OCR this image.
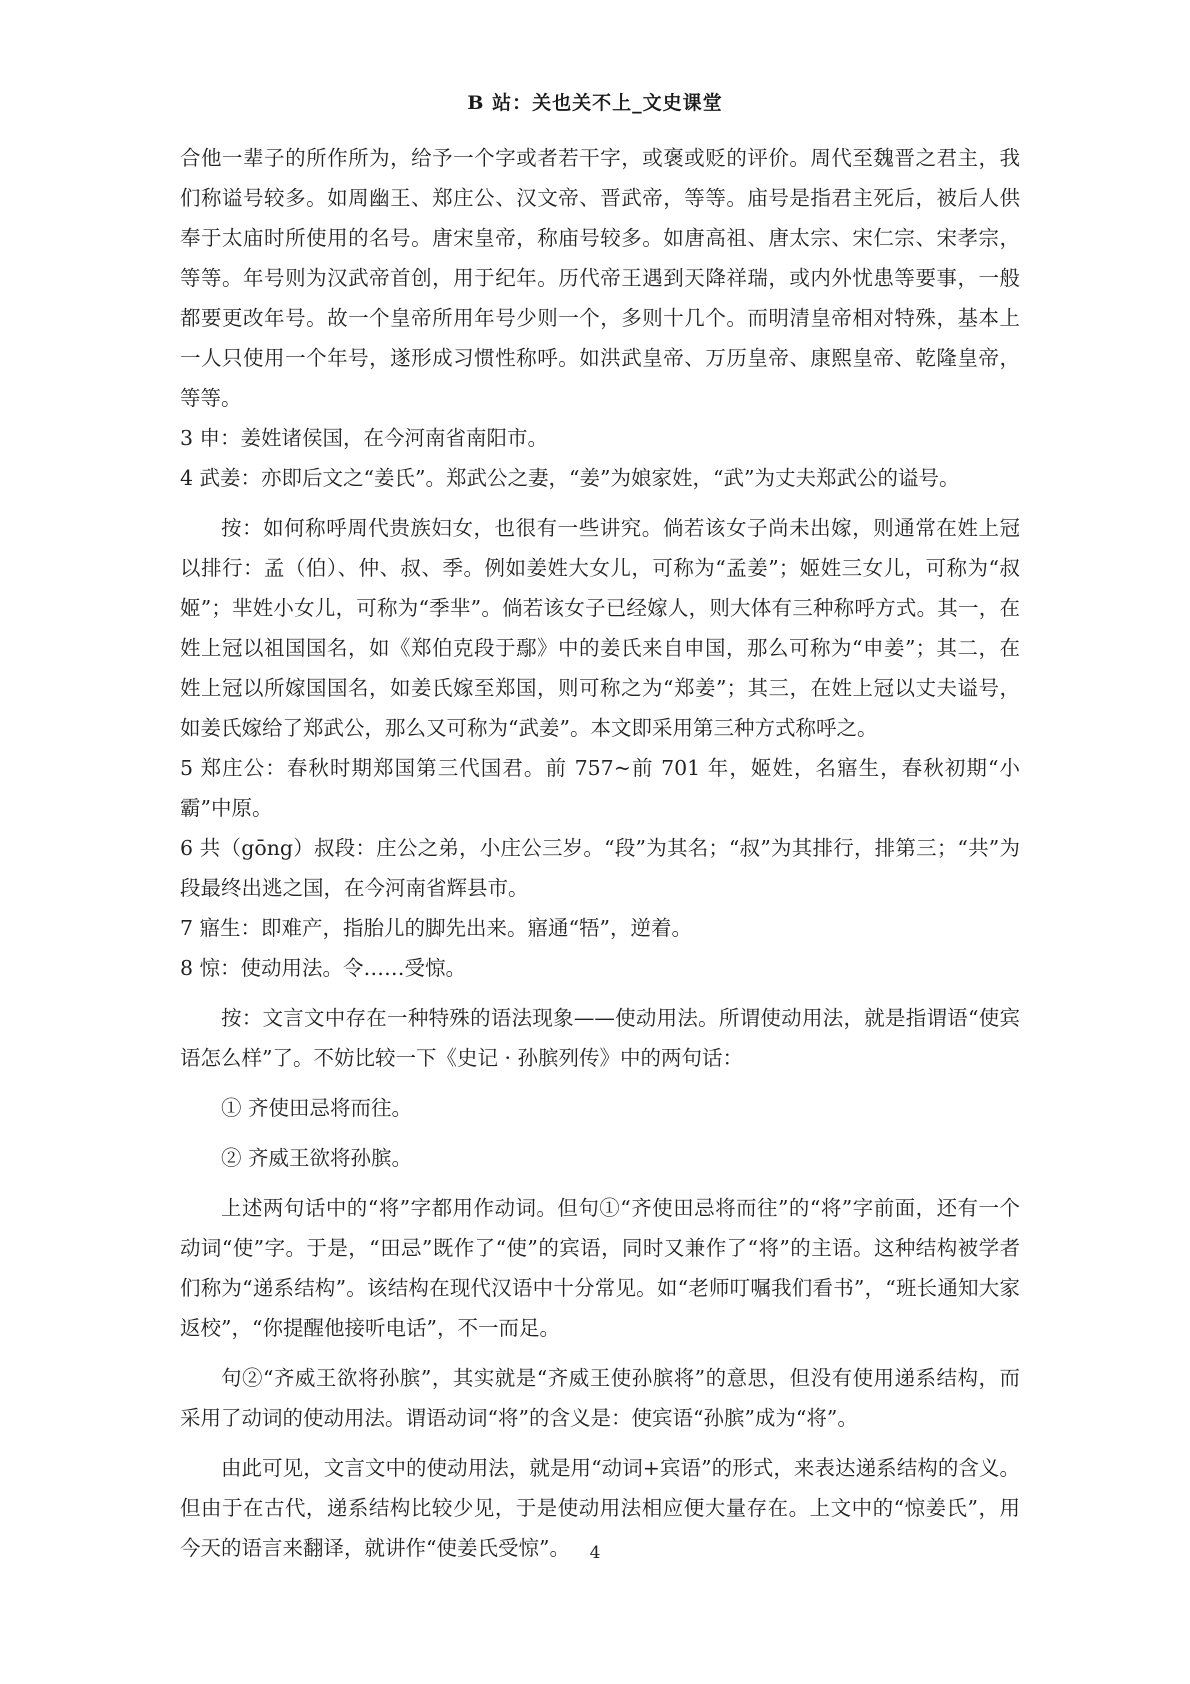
B 站：关也关不上_文史课堂

合他一辈子的所作所为，给予一个字或者若干字，或褒或贬的评价。周代至魏晋之君主，我们称谥号较多。如周幽王、郑庄公、汉文帝、晋武帝，等等。庙号是指君主死后，被后人供奉于太庙时所使用的名号。唐宋皇帝，称庙号较多。如唐高祖、唐太宗、宋仁宗、宋孝宗，等等。年号则为汉武帝首创，用于纪年。历代帝王遇到天降祥瑞，或内外忧患等要事，一般都要更改年号。故一个皇帝所用年号少则一个，多则十几个。而明清皇帝相对特殊，基本上一人只使用一个年号，遂形成习惯性称呼。如洪武皇帝、万历皇帝、康熙皇帝、乾隆皇帝，等等。

3 申：姜姓诸侯国，在今河南省南阳市。

4 武姜：亦即后文之“姜氏”。郑武公之妻，“姜”为娘家姓，“武”为丈夫郑武公的谥号。

按：如何称呼周代贵族妇女，也很有一些讲究。倘若该女子尚未出嫁，则通常在姓上冠以排行：孟（伯）、仲、叔、季。例如姜姓大女儿，可称为“孟姜”；姬姓三女儿，可称为“叔姬”；芈姓小女儿，可称为“季芈”。倘若该女子已经嫁人，则大体有三种称呼方式。其一，在姓上冠以祖国国名，如《郑伯克段于鄢》中的姜氏来自申国，那么可称为“申姜”；其二，在姓上冠以所嫁国国名，如姜氏嫁至郑国，则可称之为“郑姜”；其三，在姓上冠以丈夫谥号，如姜氏嫁给了郑武公，那么又可称为“武姜”。本文即采用第三种方式称呼之。

5 郑庄公：春秋时期郑国第三代国君。前 757~前 701 年，姬姓，名寤生，春秋初期“小霸”中原。

6 共（gōng）叔段：庄公之弟，小庄公三岁。“段”为其名；“叔”为其排行，排第三；“共”为段最终出逃之国，在今河南省辉县市。

7 寤生：即难产，指胎儿的脚先出来。寤通“牾”，逆着。

8 惊：使动用法。令……受惊。

按：文言文中存在一种特殊的语法现象——使动用法。所谓使动用法，就是指谓语“使宾语怎么样”了。不妨比较一下《史记 · 孙膑列传》中的两句话：

① 齐使田忌将而往。

② 齐威王欲将孙膑。

上述两句话中的“将”字都用作动词。但句①“齐使田忌将而往”的“将”字前面，还有一个动词“使”字。于是，“田忌”既作了“使”的宾语，同时又兼作了“将”的主语。这种结构被学者们称为“递系结构”。该结构在现代汉语中十分常见。如“老师叮嘱我们看书”，“班长通知大家返校”，“你提醒他接听电话”，不一而足。

句②“齐威王欲将孙膑”，其实就是“齐威王使孙膑将”的意思，但没有使用递系结构，而采用了动词的使动用法。谓语动词“将”的含义是：使宾语“孙膑”成为“将”。

由此可见，文言文中的使动用法，就是用“动词+宾语”的形式，来表达递系结构的含义。但由于在古代，递系结构比较少见，于是使动用法相应便大量存在。上文中的“惊姜氏”，用今天的语言来翻译，就讲作“使姜氏受惊”。	4
